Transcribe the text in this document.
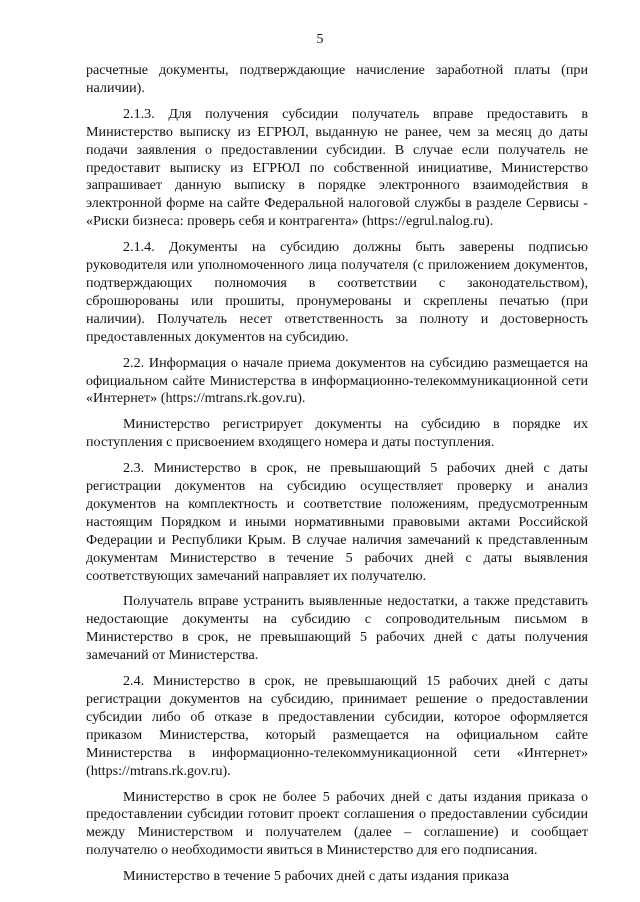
5

расчетные документы, подтверждающие начисление заработной платы (при наличии).

2.1.3. Для получения субсидии получатель вправе предоставить в Министерство выписку из ЕГРЮЛ, выданную не ранее, чем за месяц до даты подачи заявления о предоставлении субсидии. В случае если получатель не предоставит выписку из ЕГРЮЛ по собственной инициативе, Министерство запрашивает данную выписку в порядке электронного взаимодействия в электронной форме на сайте Федеральной налоговой службы в разделе Сервисы - «Риски бизнеса: проверь себя и контрагента» (https://egrul.nalog.ru).

2.1.4. Документы на субсидию должны быть заверены подписью руководителя или уполномоченного лица получателя (с приложением документов, подтверждающих полномочия в соответствии с законодательством), сброшюрованы или прошиты, пронумерованы и скреплены печатью (при наличии). Получатель несет ответственность за полноту и достоверность предоставленных документов на субсидию.

2.2. Информация о начале приема документов на субсидию размещается на официальном сайте Министерства в информационно-телекоммуникационной сети «Интернет» (https://mtrans.rk.gov.ru).

Министерство регистрирует документы на субсидию в порядке их поступления с присвоением входящего номера и даты поступления.

2.3. Министерство в срок, не превышающий 5 рабочих дней с даты регистрации документов на субсидию осуществляет проверку и анализ документов на комплектность и соответствие положениям, предусмотренным настоящим Порядком и иными нормативными правовыми актами Российской Федерации и Республики Крым. В случае наличия замечаний к представленным документам Министерство в течение 5 рабочих дней с даты выявления соответствующих замечаний направляет их получателю.

Получатель вправе устранить выявленные недостатки, а также представить недостающие документы на субсидию с сопроводительным письмом в Министерство в срок, не превышающий 5 рабочих дней с даты получения замечаний от Министерства.

2.4. Министерство в срок, не превышающий 15 рабочих дней с даты регистрации документов на субсидию, принимает решение о предоставлении субсидии либо об отказе в предоставлении субсидии, которое оформляется приказом Министерства, который размещается на официальном сайте Министерства в информационно-телекоммуникационной сети «Интернет» (https://mtrans.rk.gov.ru).

Министерство в срок не более 5 рабочих дней с даты издания приказа о предоставлении субсидии готовит проект соглашения о предоставлении субсидии между Министерством и получателем (далее – соглашение) и сообщает получателю о необходимости явиться в Министерство для его подписания.

Министерство в течение 5 рабочих дней с даты издания приказа
